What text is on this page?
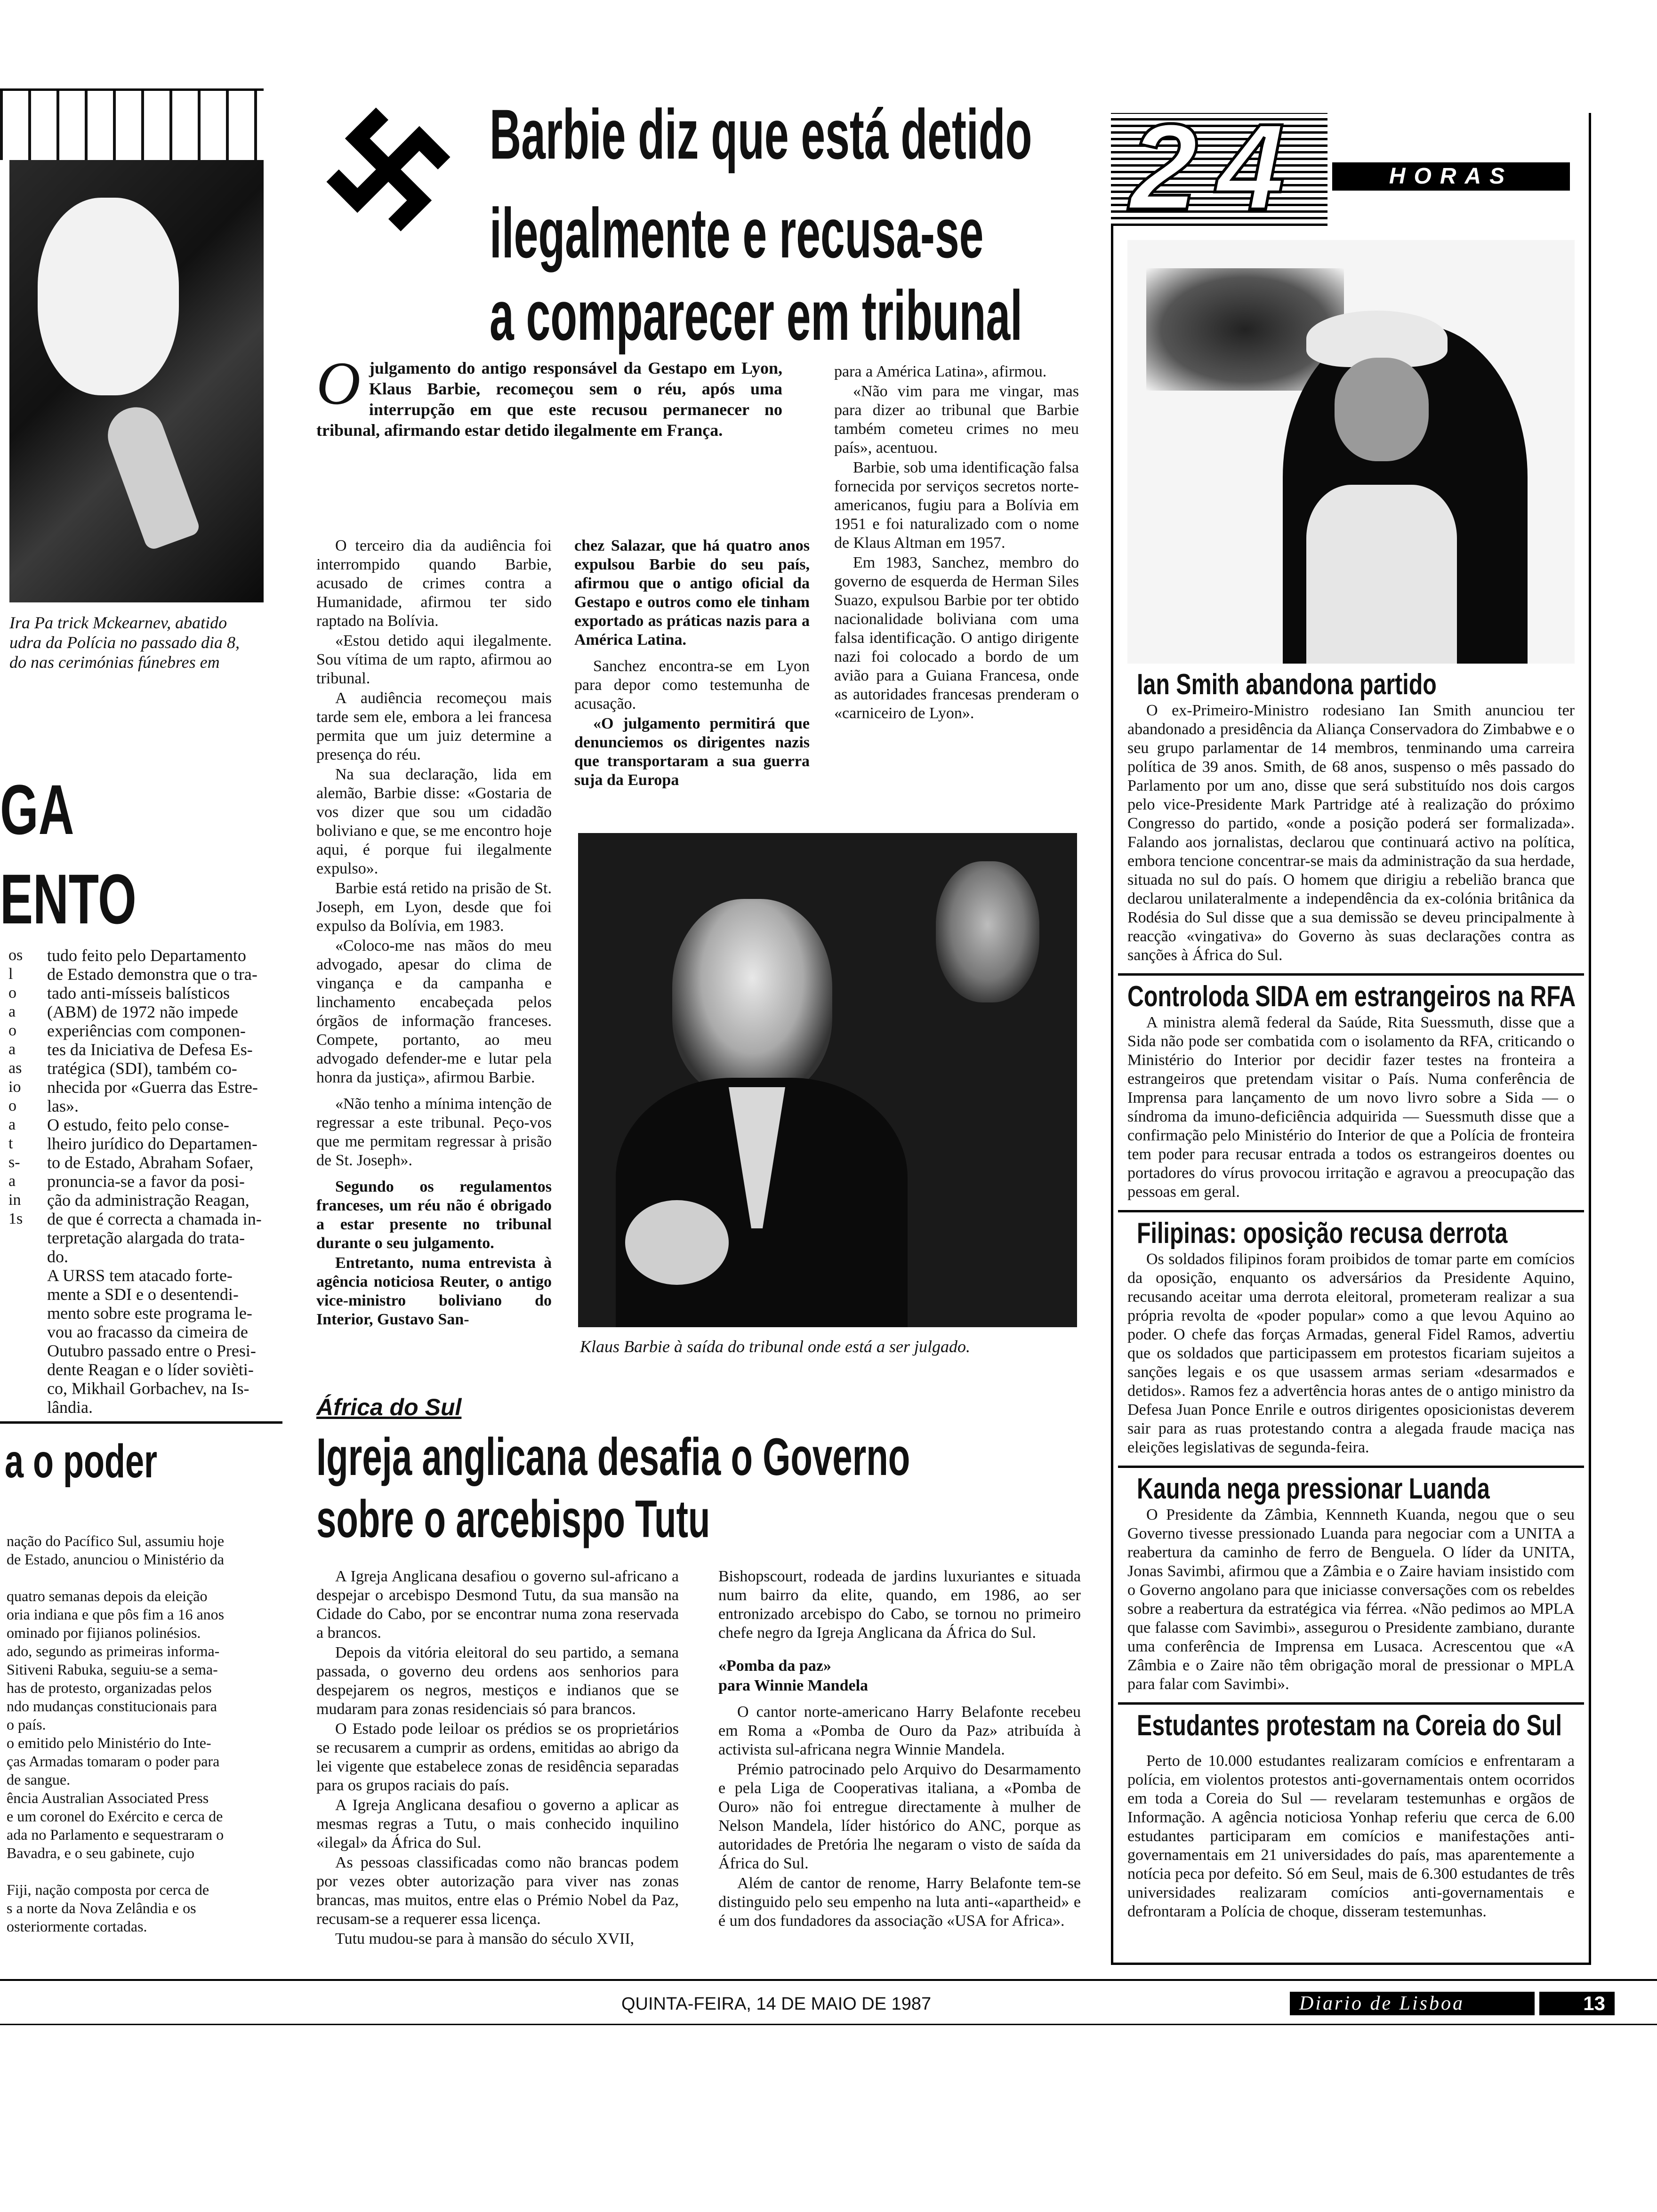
Ira Pa trick Mckearnev, abatido
udra da Polícia no passado dia 8,
do nas cerimónias fúnebres em
GA
ENTO
os
l
o
a
o
a
as
io
o
a
t
s-
a
in
1s
tudo feito pelo Departamento
de Estado demonstra que o tra-
tado anti-mísseis balísticos
(ABM) de 1972 não impede
experiências com componen-
tes da Iniciativa de Defesa Es-
tratégica (SDI), também co-
nhecida por «Guerra das Estre-
las».
O estudo, feito pelo conse-
lheiro jurídico do Departamen-
to de Estado, Abraham Sofaer,
pronuncia-se a favor da posi-
ção da administração Reagan,
de que é correcta a chamada in-
terpretação alargada do trata-
do.
A URSS tem atacado forte-
mente a SDI e o desentendi-
mento sobre este programa le-
vou ao fracasso da cimeira de
Outubro passado entre o Presi-
dente Reagan e o líder sovièti-
co, Mikhail Gorbachev, na Is-
lândia.
a o poder
nação do Pacífico Sul, assumiu hoje
de Estado, anunciou o Ministério da

quatro semanas depois da eleição
oria indiana e que pôs fim a 16 anos
ominado por fijianos polinésios.
ado, segundo as primeiras informa-
Sitiveni Rabuka, seguiu-se a sema-
has de protesto, organizadas pelos
ndo mudanças constitucionais para
o país.
o emitido pelo Ministério do Inte-
ças Armadas tomaram o poder para
de sangue.
ência Australian Associated Press
e um coronel do Exército e cerca de
ada no Parlamento e sequestraram o
Bavadra, e o seu gabinete, cujo

Fiji, nação composta por cerca de
s a norte da Nova Zelândia e os
osteriormente cortadas.
Barbie diz que está detido
ilegalmente e recusa-se
a comparecer em tribunal
O julgamento do antigo responsável da Gestapo em Lyon, Klaus Barbie, recomeçou sem o réu, após uma interrupção em que este recusou permanecer no tribunal, afirmando estar detido ilegalmente em França.

O terceiro dia da audiência foi interrompido quando Barbie, acusado de crimes contra a Humanidade, afirmou ter sido raptado na Bolívia.

«Estou detido aqui ilegalmente. Sou vítima de um rapto, afirmou ao tribunal.

A audiência recomeçou mais tarde sem ele, embora a lei francesa permita que um juiz determine a presença do réu.

Na sua declaração, lida em alemão, Barbie disse: «Gostaria de vos dizer que sou um cidadão boliviano e que, se me encontro hoje aqui, é porque fui ilegalmente expulso».

Barbie está retido na prisão de St. Joseph, em Lyon, desde que foi expulso da Bolívia, em 1983.

«Coloco-me nas mãos do meu advogado, apesar do clima de vingança e da campanha e linchamento encabeçada pelos órgãos de informação franceses. Compete, portanto, ao meu advogado defender-me e lutar pela honra da justiça», afirmou Barbie.

«Não tenho a mínima intenção de regressar a este tribunal. Peço-vos que me permitam regressar à prisão de St. Joseph».

Segundo os regulamentos franceses, um réu não é obrigado a estar presente no tribunal durante o seu julgamento.

Entretanto, numa entrevista à agência noticiosa Reuter, o antigo vice-ministro boliviano do Interior, Gustavo San-

chez Salazar, que há quatro anos expulsou Barbie do seu país, afirmou que o antigo oficial da Gestapo e outros como ele tinham exportado as práticas nazis para a América Latina.

Sanchez encontra-se em Lyon para depor como testemunha de acusação.

«O julgamento permitirá que denunciemos os dirigentes nazis que transportaram a sua guerra suja da Europa

para a América Latina», afirmou.

«Não vim para me vingar, mas para dizer ao tribunal que Barbie também cometeu crimes no meu país», acentuou.

Barbie, sob uma identificação falsa fornecida por serviços secretos norte-americanos, fugiu para a Bolívia em 1951 e foi naturalizado com o nome de Klaus Altman em 1957.

Em 1983, Sanchez, membro do governo de esquerda de Herman Siles Suazo, expulsou Barbie por ter obtido nacionalidade boliviana com uma falsa identificação. O antigo dirigente nazi foi colocado a bordo de um avião para a Guiana Francesa, onde as autoridades francesas prenderam o «carniceiro de Lyon».

Klaus Barbie à saída do tribunal onde está a ser julgado.
África do Sul
Igreja anglicana desafia o Governo
sobre o arcebispo Tutu

A Igreja Anglicana desafiou o governo sul-africano a despejar o arcebispo Desmond Tutu, da sua mansão na Cidade do Cabo, por se encontrar numa zona reservada a brancos.

Depois da vitória eleitoral do seu partido, a semana passada, o governo deu ordens aos senhorios para despejarem os negros, mestiços e indianos que se mudaram para zonas residenciais só para brancos.

O Estado pode leiloar os prédios se os proprietários se recusarem a cumprir as ordens, emitidas ao abrigo da lei vigente que estabelece zonas de residência separadas para os grupos raciais do país.

A Igreja Anglicana desafiou o governo a aplicar as mesmas regras a Tutu, o mais conhecido inquilino «ilegal» da África do Sul.

As pessoas classificadas como não brancas podem por vezes obter autorização para viver nas zonas brancas, mas muitos, entre elas o Prémio Nobel da Paz, recusam-se a requerer essa licença.

Tutu mudou-se para à mansão do século XVII,

Bishopscourt, rodeada de jardins luxuriantes e situada num bairro da elite, quando, em 1986, ao ser entronizado arcebispo do Cabo, se tornou no primeiro chefe negro da Igreja Anglicana da África do Sul.

«Pomba da paz»

para Winnie Mandela

O cantor norte-americano Harry Belafonte recebeu em Roma a «Pomba de Ouro da Paz» atribuída à activista sul-africana negra Winnie Mandela.

Prémio patrocinado pelo Arquivo do Desarmamento e pela Liga de Cooperativas italiana, a «Pomba de Ouro» não foi entregue directamente à mulher de Nelson Mandela, líder histórico do ANC, porque as autoridades de Pretória lhe negaram o visto de saída da África do Sul.

Além de cantor de renome, Harry Belafonte tem-se distinguido pelo seu empenho na luta anti-«apartheid» e é um dos fundadores da associação «USA for Africa».

24	HORAS
Ian Smith abandona partido

O ex-Primeiro-Ministro rodesiano Ian Smith anunciou ter abandonado a presidência da Aliança Conservadora do Zimbabwe e o seu grupo parlamentar de 14 membros, tenminando uma carreira política de 39 anos. Smith, de 68 anos, suspenso o mês passado do Parlamento por um ano, disse que será substituído nos dois cargos pelo vice-Presidente Mark Partridge até à realização do próximo Congresso do partido, «onde a posição poderá ser formalizada». Falando aos jornalistas, declarou que continuará activo na política, embora tencione concentrar-se mais da administração da sua herdade, situada no sul do país. O homem que dirigiu a rebelião branca que declarou unilateralmente a independência da ex-colónia britânica da Rodésia do Sul disse que a sua demissão se deveu principalmente à reacção «vingativa» do Governo às suas declarações contra as sanções à África do Sul.

Controloda SIDA em estrangeiros na RFA

A ministra alemã federal da Saúde, Rita Suessmuth, disse que a Sida não pode ser combatida com o isolamento da RFA, criticando o Ministério do Interior por decidir fazer testes na fronteira a estrangeiros que pretendam visitar o País. Numa conferência de Imprensa para lançamento de um novo livro sobre a Sida — o síndroma da imuno-deficiência adquirida — Suessmuth disse que a confirmação pelo Ministério do Interior de que a Polícia de fronteira tem poder para recusar entrada a todos os estrangeiros doentes ou portadores do vírus provocou irritação e agravou a preocupação das pessoas em geral.

Filipinas: oposição recusa derrota

Os soldados filipinos foram proibidos de tomar parte em comícios da oposição, enquanto os adversários da Presidente Aquino, recusando aceitar uma derrota eleitoral, prometeram realizar a sua própria revolta de «poder popular» como a que levou Aquino ao poder. O chefe das forças Armadas, general Fidel Ramos, advertiu que os soldados que participassem em protestos ficariam sujeitos a sanções legais e os que usassem armas seriam «desarmados e detidos». Ramos fez a advertência horas antes de o antigo ministro da Defesa Juan Ponce Enrile e outros dirigentes oposicionistas deverem sair para as ruas protestando contra a alegada fraude maciça nas eleições legislativas de segunda-feira.

Kaunda nega pressionar Luanda

O Presidente da Zâmbia, Kennneth Kuanda, negou que o seu Governo tivesse pressionado Luanda para negociar com a UNITA a reabertura da caminho de ferro de Benguela. O líder da UNITA, Jonas Savimbi, afirmou que a Zâmbia e o Zaire haviam insistido com o Governo angolano para que iniciasse conversações com os rebeldes sobre a reabertura da estratégica via férrea. «Não pedimos ao MPLA que falasse com Savimbi», assegurou o Presidente zambiano, durante uma conferência de Imprensa em Lusaca. Acrescentou que «A Zâmbia e o Zaire não têm obrigação moral de pressionar o MPLA para falar com Savimbi».

Estudantes protestam na Coreia do Sul

Perto de 10.000 estudantes realizaram comícios e enfrentaram a polícia, em violentos protestos anti-governamentais ontem ocorridos em toda a Coreia do Sul — revelaram testemunhas e orgãos de Informação. A agência noticiosa Yonhap referiu que cerca de 6.00 estudantes participaram em comícios e manifestações anti-governamentais em 21 universidades do país, mas aparentemente a notícia peca por defeito. Só em Seul, mais de 6.300 estudantes de três universidades realizaram comícios anti-governamentais e defrontaram a Polícia de choque, disseram testemunhas.

QUINTA-FEIRA, 14 DE MAIO DE 1987	Diario de Lisboa	13
